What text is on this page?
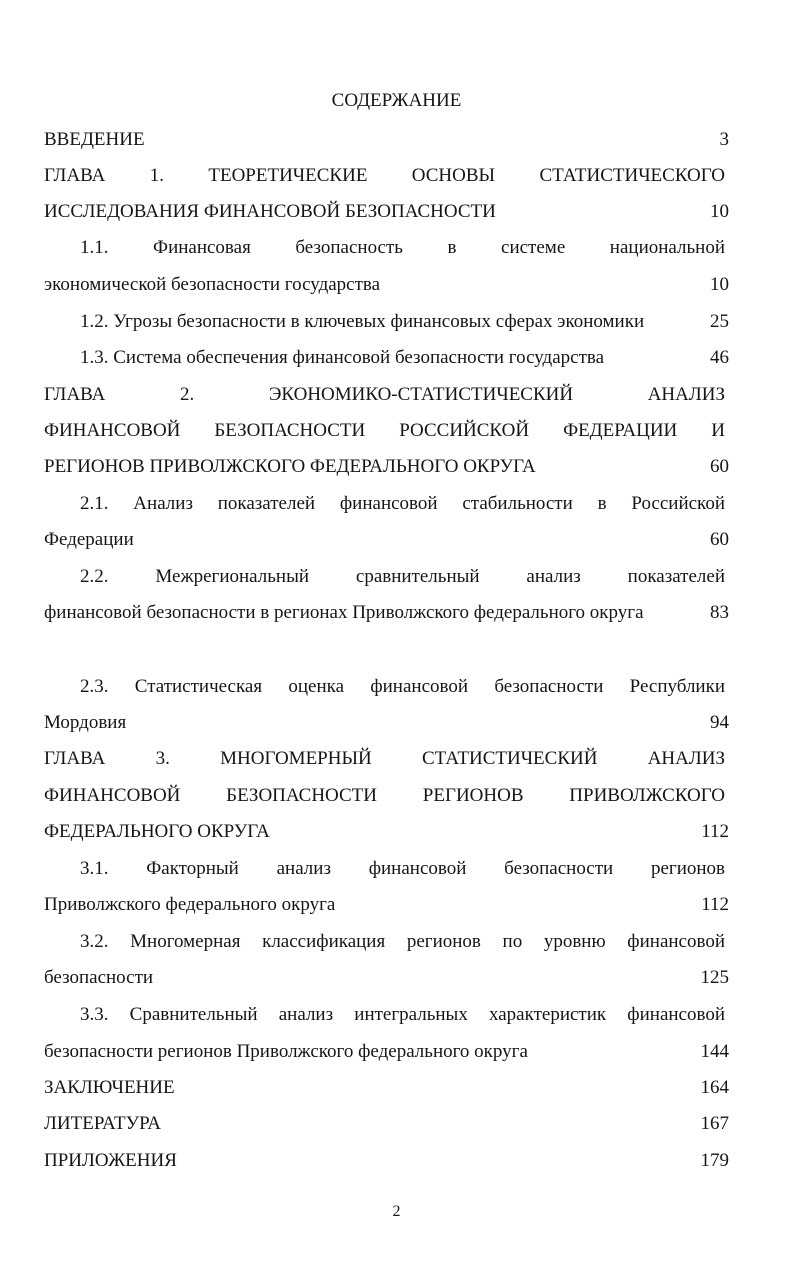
СОДЕРЖАНИЕ
ВВЕДЕНИЕ	3
ГЛАВА 1. ТЕОРЕТИЧЕСКИЕ ОСНОВЫ СТАТИСТИЧЕСКОГО
ИССЛЕДОВАНИЯ ФИНАНСОВОЙ БЕЗОПАСНОСТИ	10
1.1. Финансовая безопасность в системе национальной
экономической безопасности государства	10
1.2. Угрозы безопасности в ключевых финансовых сферах экономики	25
1.3. Система обеспечения финансовой безопасности государства	46
ГЛАВА 2. ЭКОНОМИКО-СТАТИСТИЧЕСКИЙ АНАЛИЗ
ФИНАНСОВОЙ БЕЗОПАСНОСТИ РОССИЙСКОЙ ФЕДЕРАЦИИ И
РЕГИОНОВ ПРИВОЛЖСКОГО ФЕДЕРАЛЬНОГО ОКРУГА	60
2.1. Анализ показателей финансовой стабильности в Российской
Федерации	60
2.2. Межрегиональный сравнительный анализ показателей
финансовой безопасности в регионах Приволжского федерального округа	83
2.3. Статистическая оценка финансовой безопасности Республики
Мордовия	94
ГЛАВА 3. МНОГОМЕРНЫЙ СТАТИСТИЧЕСКИЙ АНАЛИЗ
ФИНАНСОВОЙ БЕЗОПАСНОСТИ РЕГИОНОВ ПРИВОЛЖСКОГО
ФЕДЕРАЛЬНОГО ОКРУГА	112
3.1. Факторный анализ финансовой безопасности регионов
Приволжского федерального округа	112
3.2. Многомерная классификация регионов по уровню финансовой
безопасности	125
3.3. Сравнительный анализ интегральных характеристик финансовой
безопасности регионов Приволжского федерального округа	144
ЗАКЛЮЧЕНИЕ	164
ЛИТЕРАТУРА	167
ПРИЛОЖЕНИЯ	179
2
